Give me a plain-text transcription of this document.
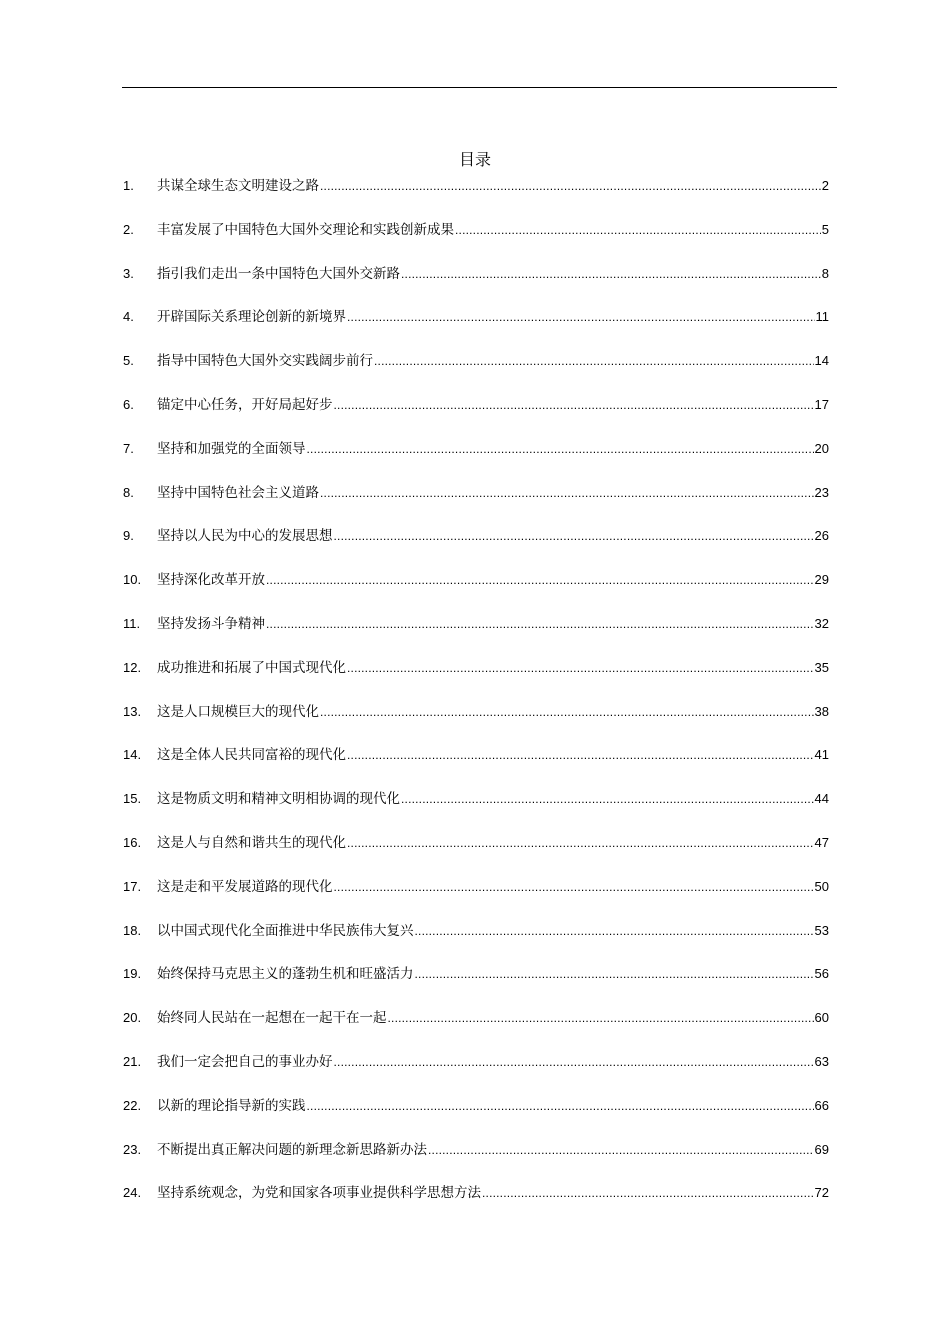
目录
1.	共谋全球生态文明建设之路 .....	2
2.	丰富发展了中国特色大国外交理论和实践创新成果 .....	5
3.	指引我们走出一条中国特色大国外交新路 .....	8
4.	开辟国际关系理论创新的新境界 .....	11
5.	指导中国特色大国外交实践阔步前行 .....	14
6.	锚定中心任务，开好局起好步 .....	17
7.	坚持和加强党的全面领导 .....	20
8.	坚持中国特色社会主义道路 .....	23
9.	坚持以人民为中心的发展思想 .....	26
10.	坚持深化改革开放 .....	29
11.	坚持发扬斗争精神 .....	32
12.	成功推进和拓展了中国式现代化 .....	35
13.	这是人口规模巨大的现代化 .....	38
14.	这是全体人民共同富裕的现代化 .....	41
15.	这是物质文明和精神文明相协调的现代化 .....	44
16.	这是人与自然和谐共生的现代化 .....	47
17.	这是走和平发展道路的现代化 .....	50
18.	以中国式现代化全面推进中华民族伟大复兴 .....	53
19.	始终保持马克思主义的蓬勃生机和旺盛活力 .....	56
20.	始终同人民站在一起想在一起干在一起 .....	60
21.	我们一定会把自己的事业办好 .....	63
22.	以新的理论指导新的实践 .....	66
23.	不断提出真正解决问题的新理念新思路新办法 .....	69
24.	坚持系统观念，为党和国家各项事业提供科学思想方法 .....	72
